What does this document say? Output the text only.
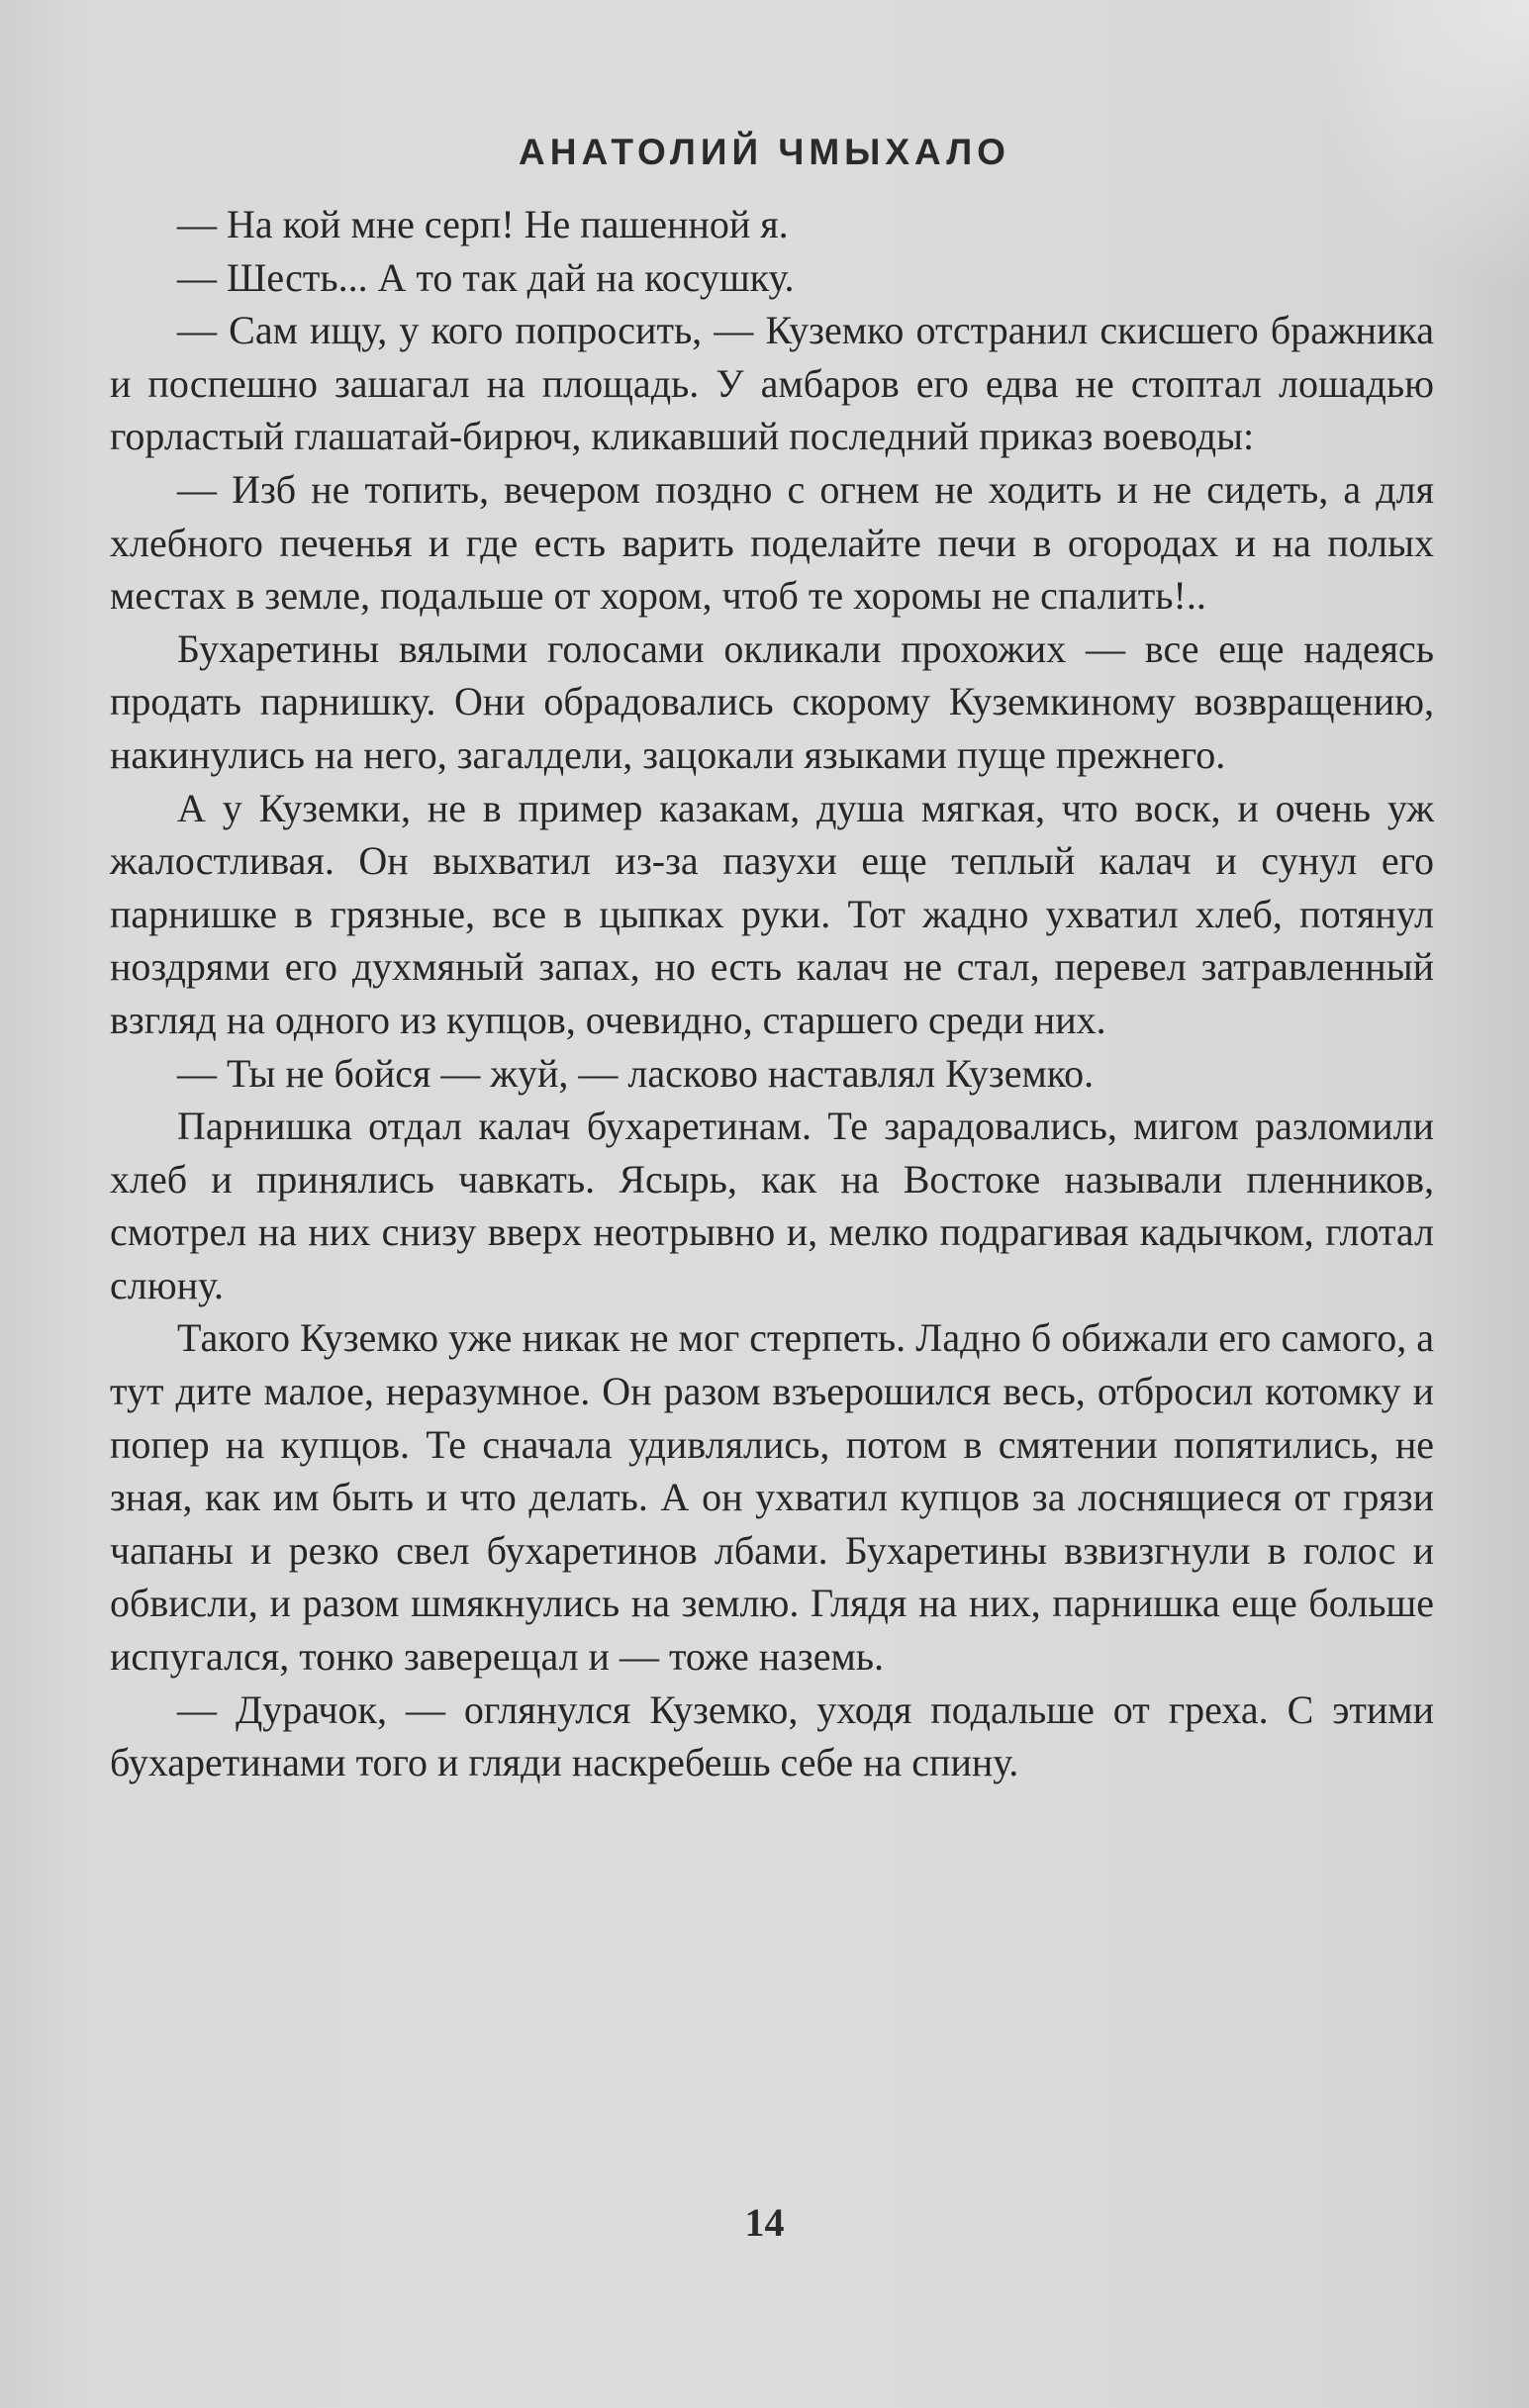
АНАТОЛИЙ ЧМЫХАЛО

— На кой мне серп! Не пашенной я.

— Шесть... А то так дай на косушку.

— Сам ищу, у кого попросить, — Куземко отстранил скисшего бражника и поспешно зашагал на площадь. У амбаров его едва не стоптал лошадью горластый глашатай-бирюч, кликавший последний приказ воеводы:

— Изб не топить, вечером поздно с огнем не ходить и не сидеть, а для хлебного печенья и где есть варить поделайте печи в огородах и на полых местах в земле, подальше от хором, чтоб те хоромы не спалить!..

Бухаретины вялыми голосами окликали прохожих — все еще надеясь продать парнишку. Они обрадовались скорому Куземкиному возвращению, накинулись на него, загалдели, зацокали языками пуще прежнего.

А у Куземки, не в пример казакам, душа мягкая, что воск, и очень уж жалостливая. Он выхватил из-за пазухи еще теплый калач и сунул его парнишке в грязные, все в цыпках руки. Тот жадно ухватил хлеб, потянул ноздрями его духмяный запах, но есть калач не стал, перевел затравленный взгляд на одного из купцов, очевидно, старшего среди них.

— Ты не бойся — жуй, — ласково наставлял Куземко.

Парнишка отдал калач бухаретинам. Те зарадовались, мигом разломили хлеб и принялись чавкать. Ясырь, как на Востоке называли пленников, смотрел на них снизу вверх неотрывно и, мелко подрагивая кадычком, глотал слюну.

Такого Куземко уже никак не мог стерпеть. Ладно б обижали его самого, а тут дите малое, неразумное. Он разом взъерошился весь, отбросил котомку и попер на купцов. Те сначала удивлялись, потом в смятении попятились, не зная, как им быть и что делать. А он ухватил купцов за лоснящиеся от грязи чапаны и резко свел бухаретинов лбами. Бухаретины взвизгнули в голос и обвисли, и разом шмякнулись на землю. Глядя на них, парнишка еще больше испугался, тонко заверещал и — тоже наземь.

— Дурачок, — оглянулся Куземко, уходя подальше от греха. С этими бухаретинами того и гляди наскребешь себе на спину.

14
